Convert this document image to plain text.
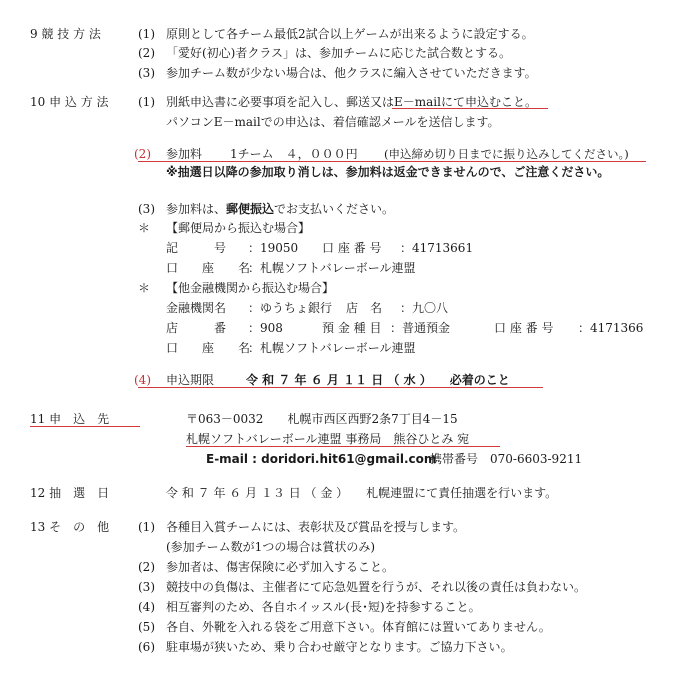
9 競 技 方 法	(1) 原則として各チーム最低2試合以上ゲームが出来るように設定する。
(2) 「愛好(初心)者クラス」は、参加チームに応じた試合数とする。
(3) 参加チーム数が少ない場合は、他クラスに編入させていただきます。
10 申 込 方 法 (1) 別紙申込書に必要事項を記入し、郵送又はE－mailにて申込むこと。
パソコンE－mailでの申込は、着信確認メールを送信します。
(2) 参加料 1チーム　４，０００円 (申込締め切り日までに振り込みしてください。)
※抽選日以降の参加取り消しは、参加料は返金できませんので、ご注意ください。
(3) 参加料は、郵便振込でお支払いください。
＊ 【郵便局から振込む場合】
記　　　号 ：19050 口 座 番 号 ：41713661
口　　座　　名
：札幌ソフトバレーボール連盟
＊ 【他金融機関から振込む場合】
金融機関名 ：ゆうちょ銀行 店　名 ：九〇八
店　　　番 ：908	預 金 種 目 ：普通預金	口 座 番 号 ：4171366
口　　座　　名
：札幌ソフトバレーボール連盟
(4) 申込期限	令 和 ７ 年 ６ 月 １１ 日 （ 水 ）　　必着のこと
11 申　込　先	〒063－0032　　札幌市西区西野2条7丁目4－15
札幌ソフトバレーボール連盟 事務局　熊谷ひとみ 宛
E-mail : doridori.hit61@gmail.com
携帯番号　070-6603-9211
12 抽　選　日	令 和 ７ 年 ６ 月 １３ 日 （ 金 ）　　札幌連盟にて責任抽選を行います。
13 そ　の　他 (1) 各種目入賞チームには、表彰状及び賞品を授与します。
(参加チーム数が1つの場合は賞状のみ)
(2) 参加者は、傷害保険に必ず加入すること。
(3) 競技中の負傷は、主催者にて応急処置を行うが、それ以後の責任は負わない。
(4) 相互審判のため、各自ホイッスル(長･短)を持参すること。
(5) 各自、外靴を入れる袋をご用意下さい。体育館には置いてありません。
(6) 駐車場が狭いため、乗り合わせ厳守となります。ご協力下さい。
